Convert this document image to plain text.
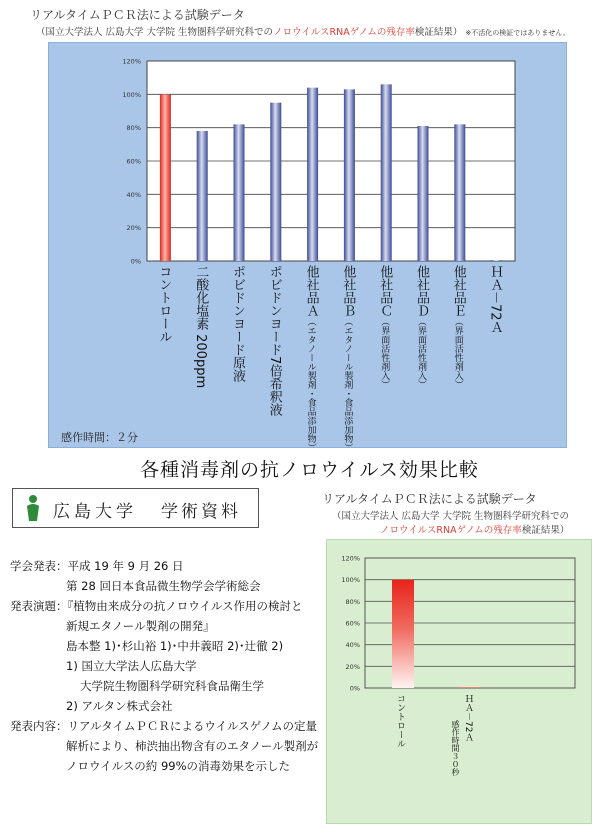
リアルタイムＰＣＲ法による試験データ
（国立大学法人 広島大学 大学院 生物圏科学研究科でのノロウイルスRNAゲノムの残存率検証結果） ※不活化の検証ではありません。
0%
20%
40%
60%
80%
100%
120%
コントロール 二酸化塩素 200ppm ポビドンヨード原液 ポビドンヨード7倍希釈液 他社品Ａ（エタノール製剤・食品添加物）
他社品Ｂ（エタノール製剤・食品添加物）
他社品Ｃ（界面活性剤入）
他社品Ｄ（界面活性剤入）
他社品Ｅ（界面活性剤入）
ＨＡ－72Ａ
感作時間：２分
各種消毒剤の抗ノロウイルス効果比較
広島大学 学術資料
リアルタイムＰＣＲ法による試験データ
（国立大学法人 広島大学 大学院 生物圏科学研究科での
ノロウイルスRNAゲノムの残存率検証結果）
0%
20%
40%
60%
80%
100%
120%
コントロール	ＨＡ－72Ａ
感作時間３０秒
学会発表：平成 19 年 9 月 26 日
第 28 回日本食品微生物学会学術総会
発表演題：『植物由来成分の抗ノロウイルス作用の検討と
新規エタノール製剤の開発』
島本整 1)･杉山裕 1)･中井義昭 2)･辻徹 2)
1) 国立大学法人広島大学
大学院生物圏科学研究科食品衛生学
2) アルタン株式会社
発表内容：リアルタイムＰＣＲによるウイルスゲノムの定量
解析により、柿渋抽出物含有のエタノール製剤が
ノロウイルスの約 99%の消毒効果を示した
